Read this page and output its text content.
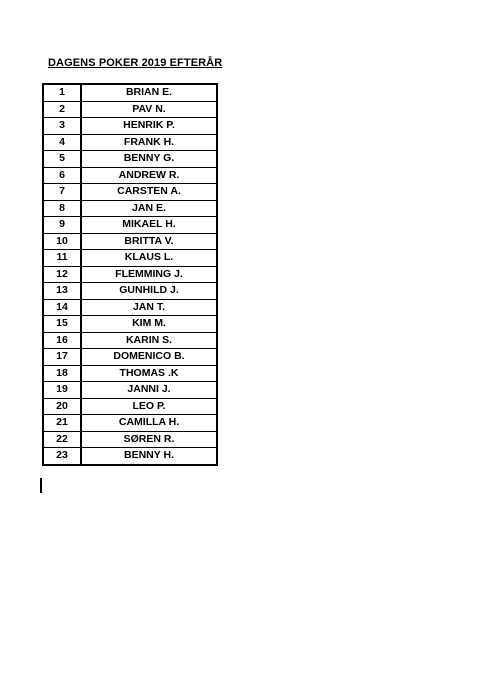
DAGENS POKER 2019 EFTERÅR
1	BRIAN E.
2	PAV N.
3	HENRIK P.
4	FRANK H.
5	BENNY G.
6	ANDREW R.
7	CARSTEN A.
8	JAN E.
9	MIKAEL H.
10	BRITTA V.
11	KLAUS L.
12	FLEMMING J.
13	GUNHILD J.
14	JAN T.
15	KIM M.
16	KARIN S.
17	DOMENICO B.
18	THOMAS .K
19	JANNI J.
20	LEO P.
21	CAMILLA H.
22	SØREN R.
23	BENNY H.
